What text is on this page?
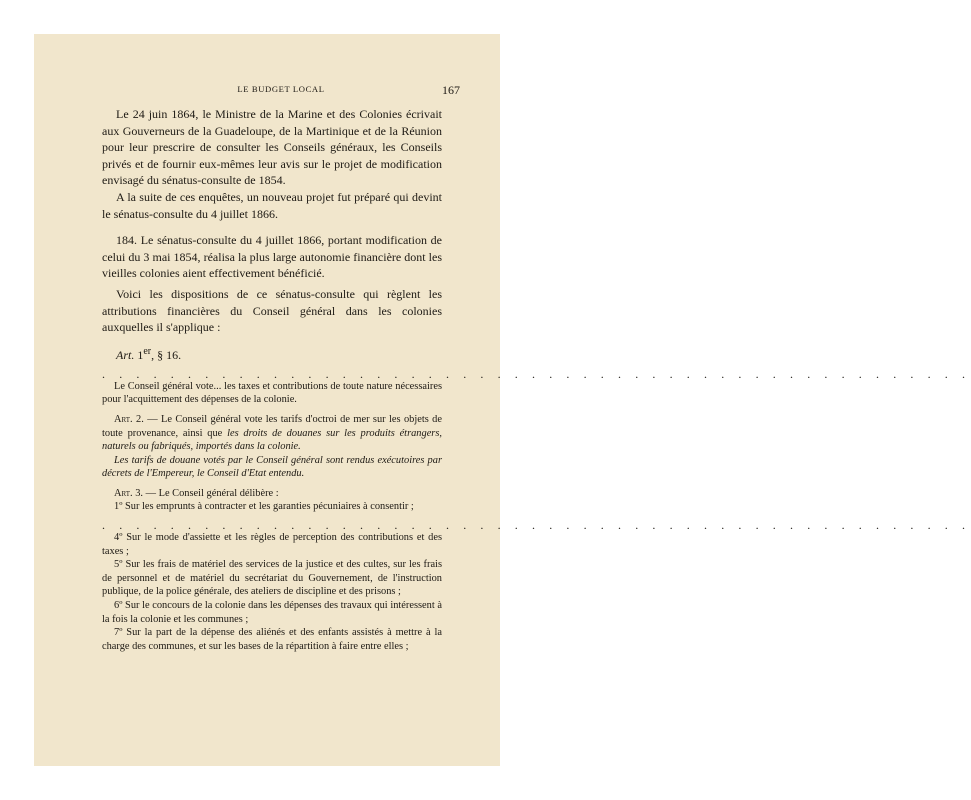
LE BUDGET LOCAL	167

Le 24 juin 1864, le Ministre de la Marine et des Colonies écrivait aux Gouverneurs de la Guadeloupe, de la Martinique et de la Réunion pour leur prescrire de consulter les Conseils généraux, les Conseils privés et de fournir eux-mêmes leur avis sur le projet de modification envisagé du sénatus-consulte de 1854.

A la suite de ces enquêtes, un nouveau projet fut préparé qui devint le sénatus-consulte du 4 juillet 1866.

184. Le sénatus-consulte du 4 juillet 1866, portant modification de celui du 3 mai 1854, réalisa la plus large autonomie financière dont les vieilles colonies aient effectivement bénéficié.

Voici les dispositions de ce sénatus-consulte qui règlent les attributions financières du Conseil général dans les colonies auxquelles il s'applique :

Art. 1er, § 16.

. . . . . . . . . . . . . . . . . . . . . . . . . . . . . . . . . . . . . . . . . . . . . . . . . . .

Le Conseil général vote... les taxes et contributions de toute nature nécessaires pour l'acquittement des dépenses de la colonie.

Art. 2. — Le Conseil général vote les tarifs d'octroi de mer sur les objets de toute provenance, ainsi que les droits de douanes sur les produits étrangers, naturels ou fabriqués, importés dans la colonie.

Les tarifs de douane votés par le Conseil général sont rendus exécutoires par décrets de l'Empereur, le Conseil d'Etat entendu.

Art. 3. — Le Conseil général délibère :

1º Sur les emprunts à contracter et les garanties pécuniaires à consentir ;

. . . . . . . . . . . . . . . . . . . . . . . . . . . . . . . . . . . . . . . . . . . . . . . . . . .

4º Sur le mode d'assiette et les règles de perception des contributions et des taxes ;

5º Sur les frais de matériel des services de la justice et des cultes, sur les frais de personnel et de matériel du secrétariat du Gouvernement, de l'instruction publique, de la police générale, des ateliers de discipline et des prisons ;

6º Sur le concours de la colonie dans les dépenses des travaux qui intéressent à la fois la colonie et les communes ;

7º Sur la part de la dépense des aliénés et des enfants assistés à mettre à la charge des communes, et sur les bases de la répartition à faire entre elles ;
